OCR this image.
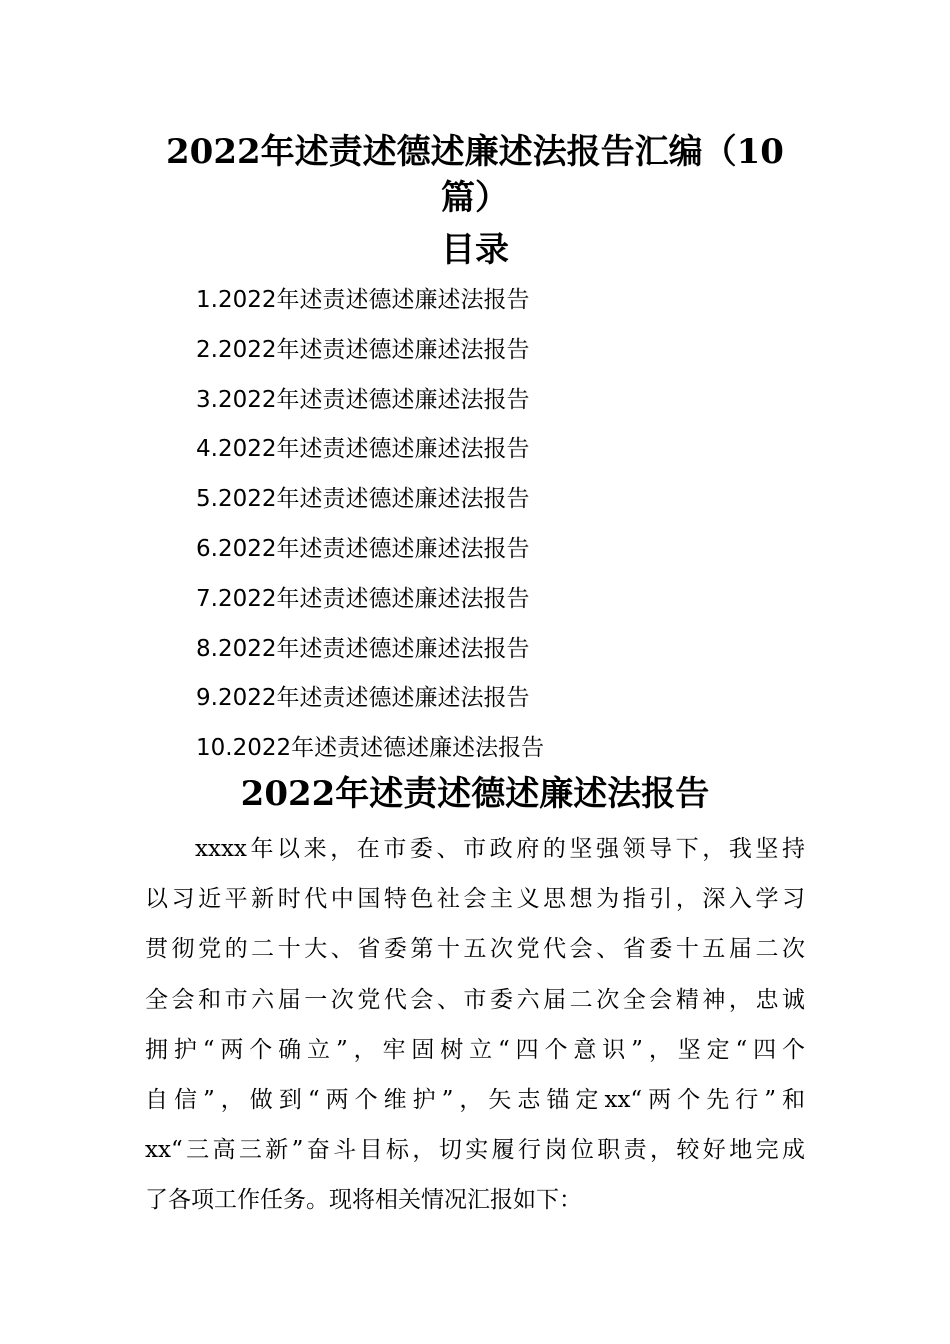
2022年述责述德述廉述法报告汇编（10
篇）
目录
1.2022年述责述德述廉述法报告
2.2022年述责述德述廉述法报告
3.2022年述责述德述廉述法报告
4.2022年述责述德述廉述法报告
5.2022年述责述德述廉述法报告
6.2022年述责述德述廉述法报告
7.2022年述责述德述廉述法报告
8.2022年述责述德述廉述法报告
9.2022年述责述德述廉述法报告
10.2022年述责述德述廉述法报告
2022年述责述德述廉述法报告

xxxx年以来，在市委、市政府的坚强领导下，我坚持
以习近平新时代中国特色社会主义思想为指引，深入学习
贯彻党的二十大、省委第十五次党代会、省委十五届二次
全会和市六届一次党代会、市委六届二次全会精神，忠诚
拥护“两个确立”，牢固树立“四个意识”，坚定“四个
自信”，做到“两个维护”，矢志锚定xx“两个先行”和
xx“三高三新”奋斗目标，切实履行岗位职责，较好地完成
了各项工作任务。现将相关情况汇报如下：
